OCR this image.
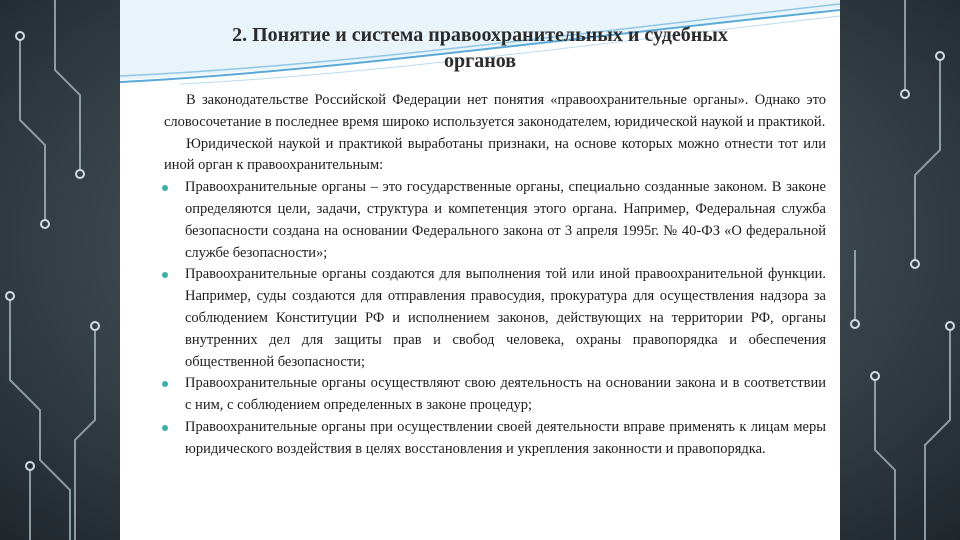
2. Понятие и система правоохранительных и судебных
органов

В законодательстве Российской Федерации нет понятия «правоохранительные органы». Однако это словосочетание в последнее время широко используется законодателем, юридической наукой и практикой.

Юридической наукой и практикой выработаны признаки, на основе которых можно отнести тот или иной орган к правоохранительным:

Правоохранительные органы – это государственные органы, специально созданные законом. В законе определяются цели, задачи, структура и компетенция этого органа. Например, Федеральная служба безопасности создана на основании Федерального закона от 3 апреля 1995г. № 40-ФЗ «О федеральной службе безопасности»;
Правоохранительные органы создаются для выполнения той или иной правоохранительной функции. Например, суды создаются для отправления правосудия, прокуратура для осуществления надзора за соблюдением Конституции РФ и исполнением законов, действующих на территории РФ, органы внутренних дел для защиты прав и свобод человека, охраны правопорядка и обеспечения общественной безопасности;
Правоохранительные органы осуществляют свою деятельность на основании закона и в соответствии с ним, с соблюдением определенных в законе процедур;
Правоохранительные органы при осуществлении своей деятельности вправе применять к лицам меры юридического воздействия в целях восстановления и укрепления законности и правопорядка.
